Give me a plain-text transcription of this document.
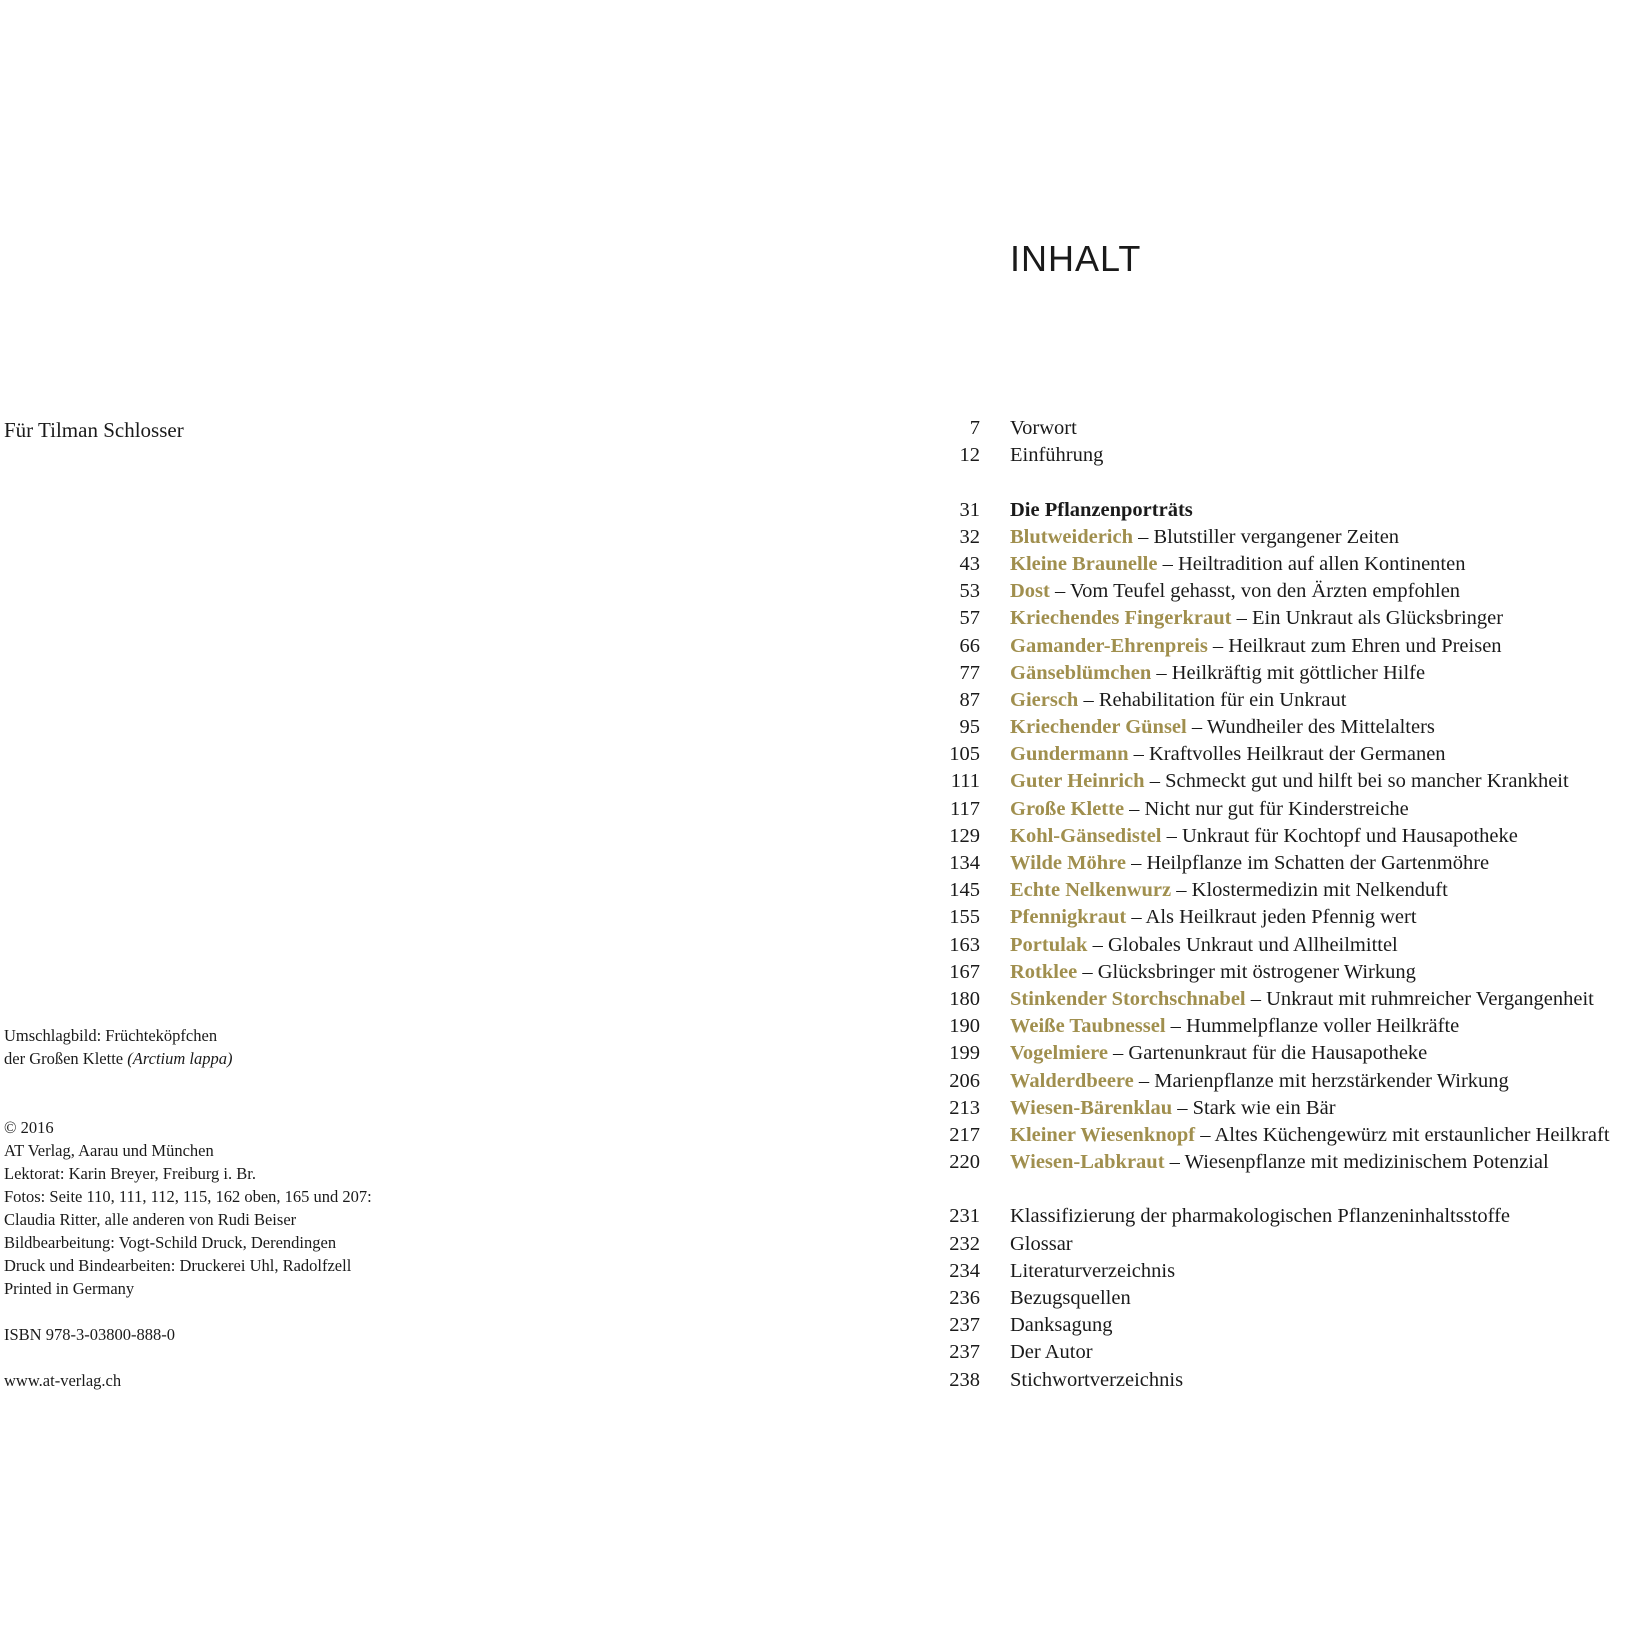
Für Tilman Schlosser
Umschlagbild: Früchteköpfchen
der Großen Klette (Arctium lappa)
© 2016
AT Verlag, Aarau und München
Lektorat: Karin Breyer, Freiburg i. Br.
Fotos: Seite 110, 111, 112, 115, 162 oben, 165 und 207:
Claudia Ritter, alle anderen von Rudi Beiser
Bildbearbeitung: Vogt-Schild Druck, Derendingen
Druck und Bindearbeiten: Druckerei Uhl, Radolfzell
Printed in Germany
ISBN 978-3-03800-888-0
www.at-verlag.ch
INHALT
7 Vorwort
12 Einführung
31 Die Pflanzenporträts
32 Blutweiderich – Blutstiller vergangener Zeiten
43 Kleine Braunelle – Heiltradition auf allen Kontinenten
53 Dost – Vom Teufel gehasst, von den Ärzten empfohlen
57 Kriechendes Fingerkraut – Ein Unkraut als Glücksbringer
66 Gamander-Ehrenpreis – Heilkraut zum Ehren und Preisen
77 Gänseblümchen – Heilkräftig mit göttlicher Hilfe
87 Giersch – Rehabilitation für ein Unkraut
95 Kriechender Günsel – Wundheiler des Mittelalters
105 Gundermann – Kraftvolles Heilkraut der Germanen
111 Guter Heinrich – Schmeckt gut und hilft bei so mancher Krankheit
117 Große Klette – Nicht nur gut für Kinderstreiche
129 Kohl-Gänsedistel – Unkraut für Kochtopf und Hausapotheke
134 Wilde Möhre – Heilpflanze im Schatten der Gartenmöhre
145 Echte Nelkenwurz – Klostermedizin mit Nelkenduft
155 Pfennigkraut – Als Heilkraut jeden Pfennig wert
163 Portulak – Globales Unkraut und Allheilmittel
167 Rotklee – Glücksbringer mit östrogener Wirkung
180 Stinkender Storchschnabel – Unkraut mit ruhmreicher Vergangenheit
190 Weiße Taubnessel – Hummelpflanze voller Heilkräfte
199 Vogelmiere – Gartenunkraut für die Hausapotheke
206 Walderdbeere – Marienpflanze mit herzstärkender Wirkung
213 Wiesen-Bärenklau – Stark wie ein Bär
217 Kleiner Wiesenknopf – Altes Küchengewürz mit erstaunlicher Heilkraft
220 Wiesen-Labkraut – Wiesenpflanze mit medizinischem Potenzial
231 Klassifizierung der pharmakologischen Pflanzeninhaltsstoffe
232 Glossar
234 Literaturverzeichnis
236 Bezugsquellen
237 Danksagung
237 Der Autor
238 Stichwortverzeichnis
